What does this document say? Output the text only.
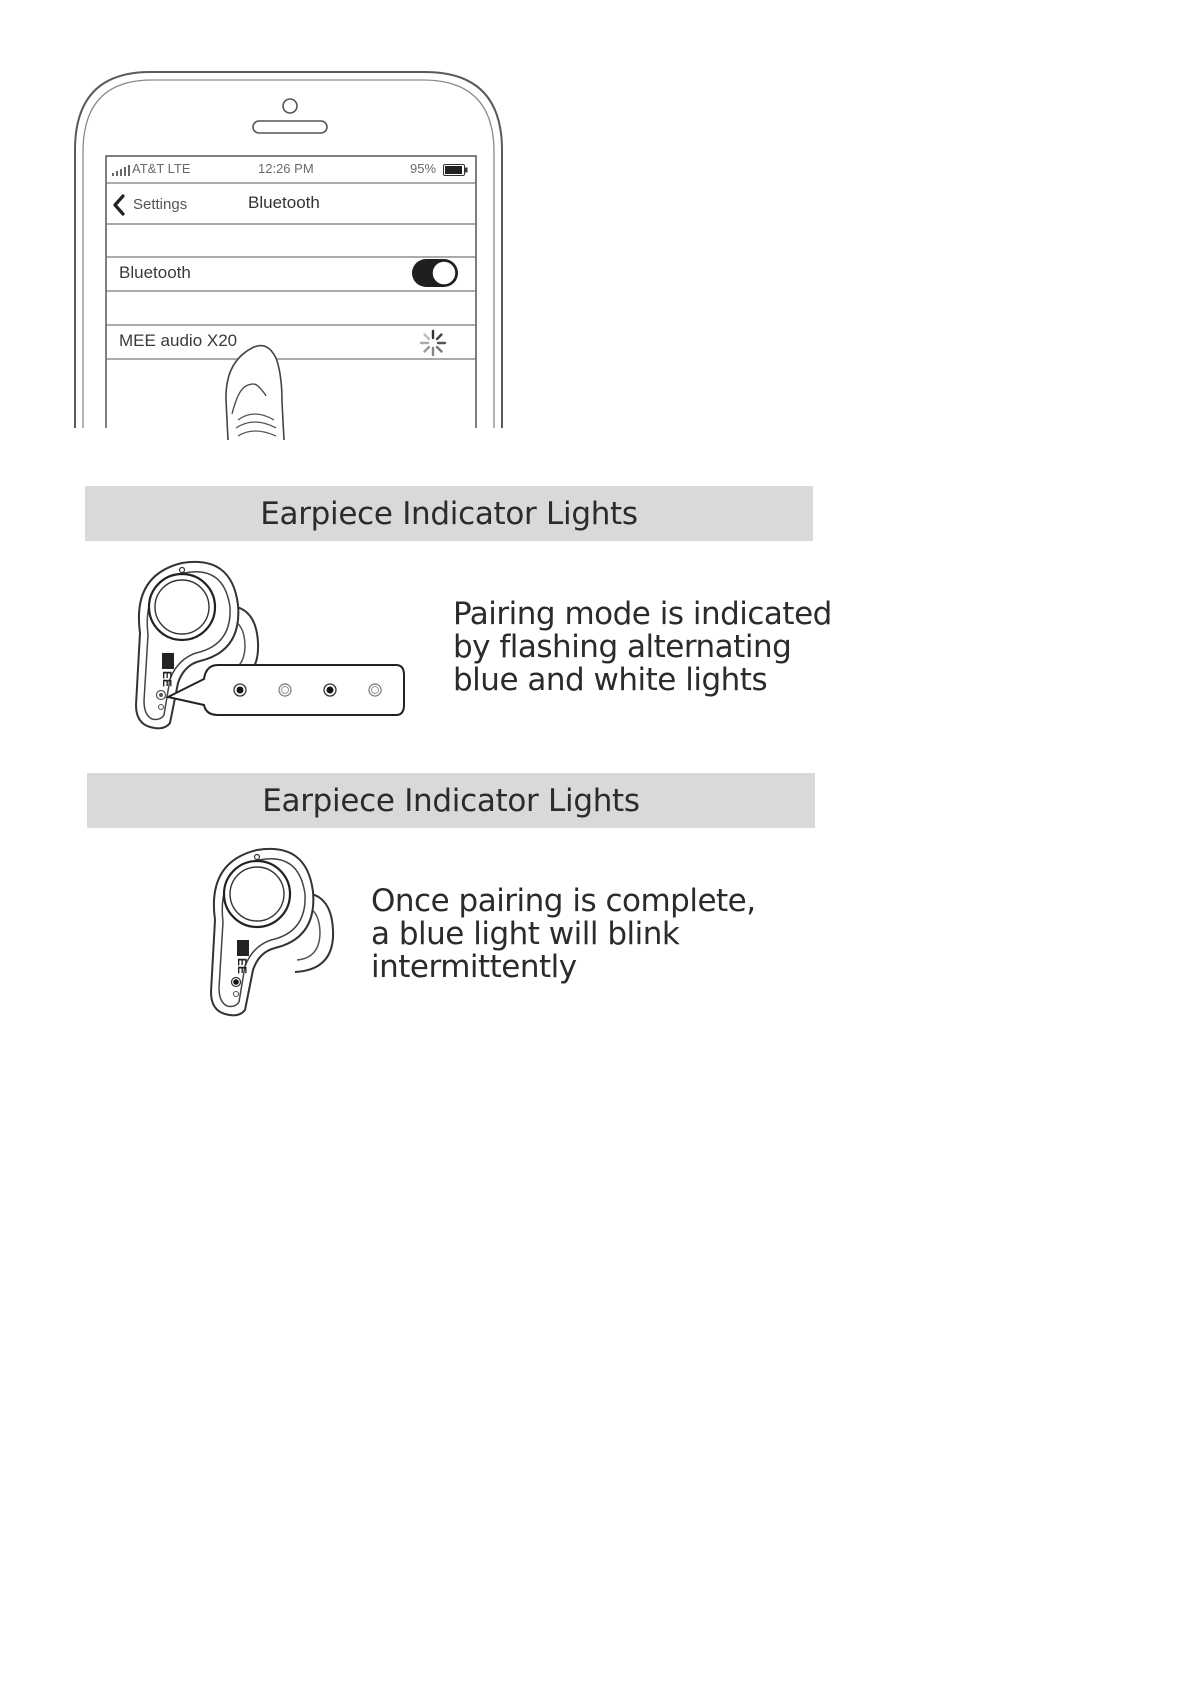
AT&T LTE	12:26 PM	95%
Settings	Bluetooth
Bluetooth
MEE audio X20
Earpiece Indicator Lights
EE
Pairing mode is indicated
by flashing alternating
blue and white lights
Earpiece Indicator Lights
EE
Once pairing is complete,
a blue light will blink
intermittently
